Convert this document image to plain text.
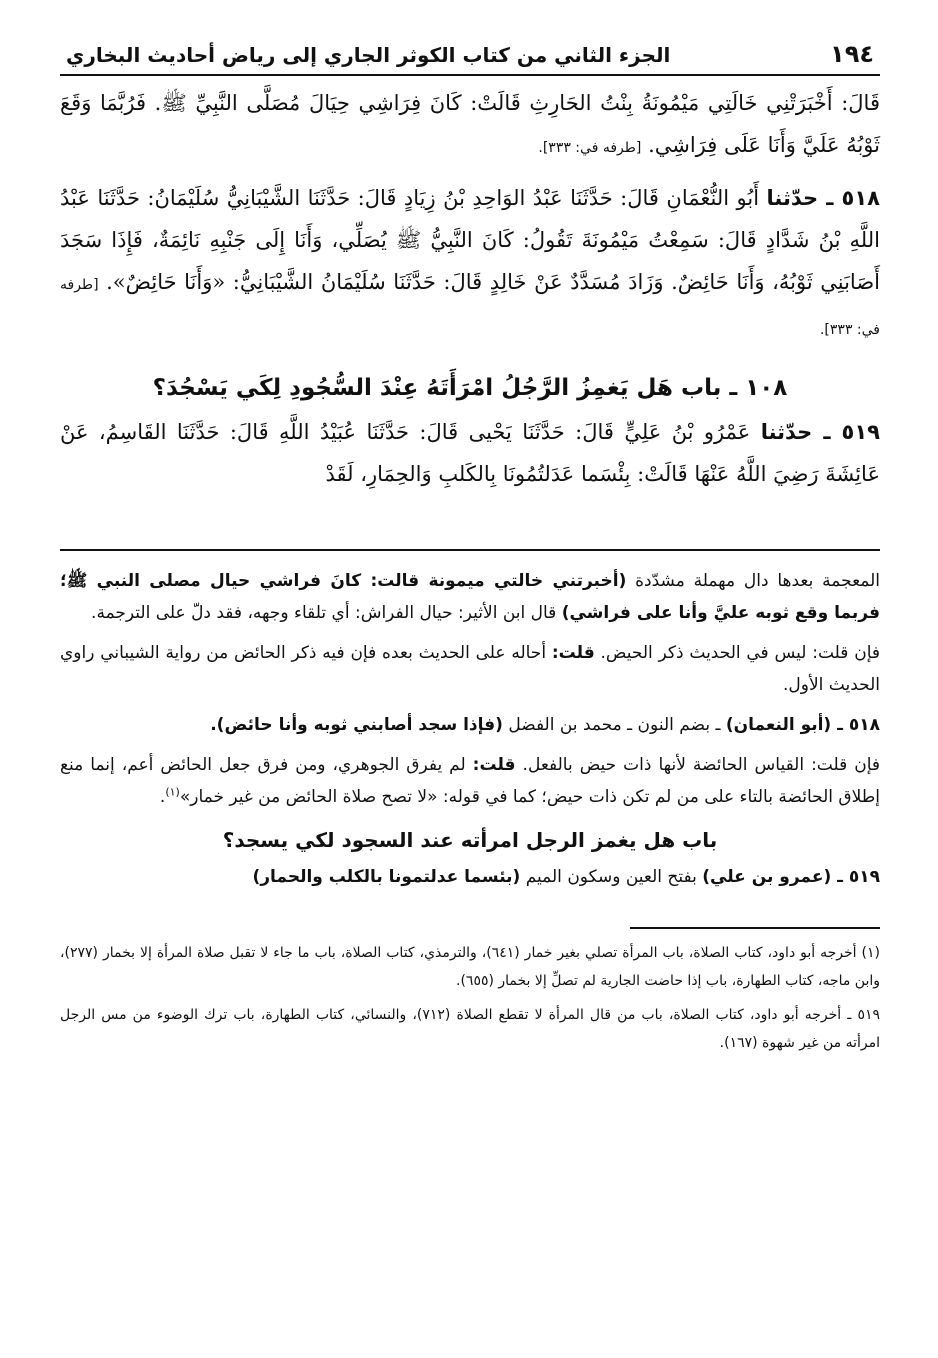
١٩٤
الجزء الثاني من كتاب الكوثر الجاري إلى رياض أحاديث البخاري

قَالَ: أَخْبَرَتْنِي خَالَتِي مَيْمُونَةُ بِنْتُ الحَارِثِ قَالَتْ: كَانَ فِرَاشِي حِيَالَ مُصَلَّى النَّبِيِّ ﷺ. فَرُبَّمَا وَقَعَ ثَوْبُهُ عَلَيَّ وَأَنَا عَلَى فِرَاشِي. [طرفه في: ٣٣٣].

٥١٨ ـ حدّثنا أَبُو النُّعْمَانِ قَالَ: حَدَّثَنَا عَبْدُ الوَاحِدِ بْنُ زِيَادٍ قَالَ: حَدَّثَنَا الشَّيْبَانِيُّ سُلَيْمَانُ: حَدَّثَنَا عَبْدُ اللَّهِ بْنُ شَدَّادٍ قَالَ: سَمِعْتُ مَيْمُونَةَ تَقُولُ: كَانَ النَّبِيُّ ﷺ يُصَلِّي، وَأَنَا إِلَى جَنْبِهِ نَائِمَةٌ، فَإِذَا سَجَدَ أَصَابَنِي ثَوْبُهُ، وَأَنَا حَائِضٌ. وَزَادَ مُسَدَّدٌ عَنْ خَالِدٍ قَالَ: حَدَّثَنَا سُلَيْمَانُ الشَّيْبَانِيُّ: «وَأَنَا حَائِضٌ». [طرفه في: ٣٣٣].

١٠٨ ـ باب هَل يَغمِزُ الرَّجُلُ امْرَأَتَهُ عِنْدَ السُّجُودِ لِكَي يَسْجُدَ؟

٥١٩ ـ حدّثنا عَمْرُو بْنُ عَلِيٍّ قَالَ: حَدَّثَنَا يَحْيى قَالَ: حَدَّثَنَا عُبَيْدُ اللَّهِ قَالَ: حَدَّثَنَا القَاسِمُ، عَنْ عَائِشَةَ رَضِيَ اللَّهُ عَنْهَا قَالَتْ: بِئْسَما عَدَلتُمُونَا بِالكَلبِ وَالحِمَارِ، لَقَدْ

المعجمة بعدها دال مهملة مشدّدة (أخبرتني خالتي ميمونة قالت: كانَ فراشي حيال مصلى النبي ﷺ؛ فربما وقع ثوبه عليَّ وأنا على فراشي) قال ابن الأثير: حيال الفراش: أي تلقاء وجهه، فقد دلّ على الترجمة.

فإن قلت: ليس في الحديث ذكر الحيض. قلت: أحاله على الحديث بعده فإن فيه ذكر الحائض من رواية الشيباني راوي الحديث الأول.

٥١٨ ـ (أبو النعمان) ـ بضم النون ـ محمد بن الفضل (فإذا سجد أصابني ثوبه وأنا حائض).

فإن قلت: القياس الحائضة لأنها ذات حيض بالفعل. قلت: لم يفرق الجوهري، ومن فرق جعل الحائض أعم، إنما منع إطلاق الحائضة بالتاء على من لم تكن ذات حيض؛ كما في قوله: «لا تصح صلاة الحائض من غير خمار»$^{(١)}$.

باب هل يغمز الرجل امرأته عند السجود لكي يسجد؟

٥١٩ ـ (عمرو بن علي) بفتح العين وسكون الميم (بئسما عدلتمونا بالكلب والحمار)

(١) أخرجه أبو داود، كتاب الصلاة، باب المرأة تصلي بغير خمار (٦٤١)، والترمذي، كتاب الصلاة، باب ما جاء لا تقبل صلاة المرأة إلا بخمار (٢٧٧)، وابن ماجه، كتاب الطهارة، باب إذا حاضت الجارية لم تصلِّ إلا بخمار (٦٥٥).

٥١٩ ـ أخرجه أبو داود، كتاب الصلاة، باب من قال المرأة لا تقطع الصلاة (٧١٢)، والنسائي، كتاب الطهارة، باب ترك الوضوء من مس الرجل امرأته من غير شهوة (١٦٧).
